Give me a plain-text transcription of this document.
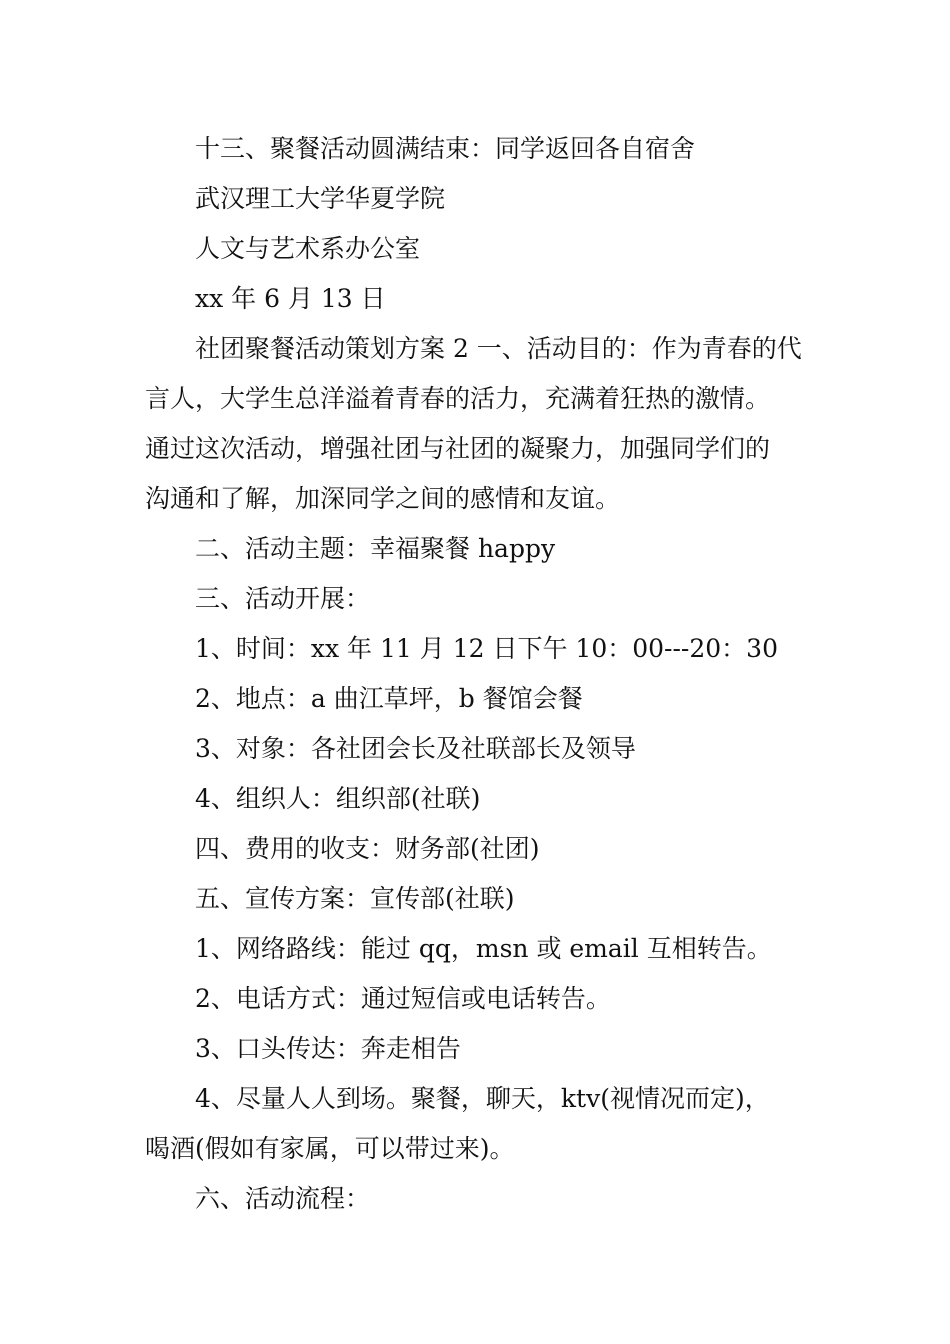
十三、聚餐活动圆满结束：同学返回各自宿舍
武汉理工大学华夏学院
人文与艺术系办公室
xx 年 6 月 13 日
社团聚餐活动策划方案 2 一、活动目的：作为青春的代
言人，大学生总洋溢着青春的活力，充满着狂热的激情。
通过这次活动，增强社团与社团的凝聚力，加强同学们的
沟通和了解，加深同学之间的感情和友谊。
二、活动主题：幸福聚餐 happy
三、活动开展：
1、时间：xx 年 11 月 12 日下午 10：00---20：30
2、地点：a 曲江草坪，b 餐馆会餐
3、对象：各社团会长及社联部长及领导
4、组织人：组织部(社联)
四、费用的收支：财务部(社团)
五、宣传方案：宣传部(社联)
1、网络路线：能过 qq，msn 或 email 互相转告。
2、电话方式：通过短信或电话转告。
3、口头传达：奔走相告
4、尽量人人到场。聚餐，聊天，ktv(视情况而定)，
喝酒(假如有家属，可以带过来)。
六、活动流程：
